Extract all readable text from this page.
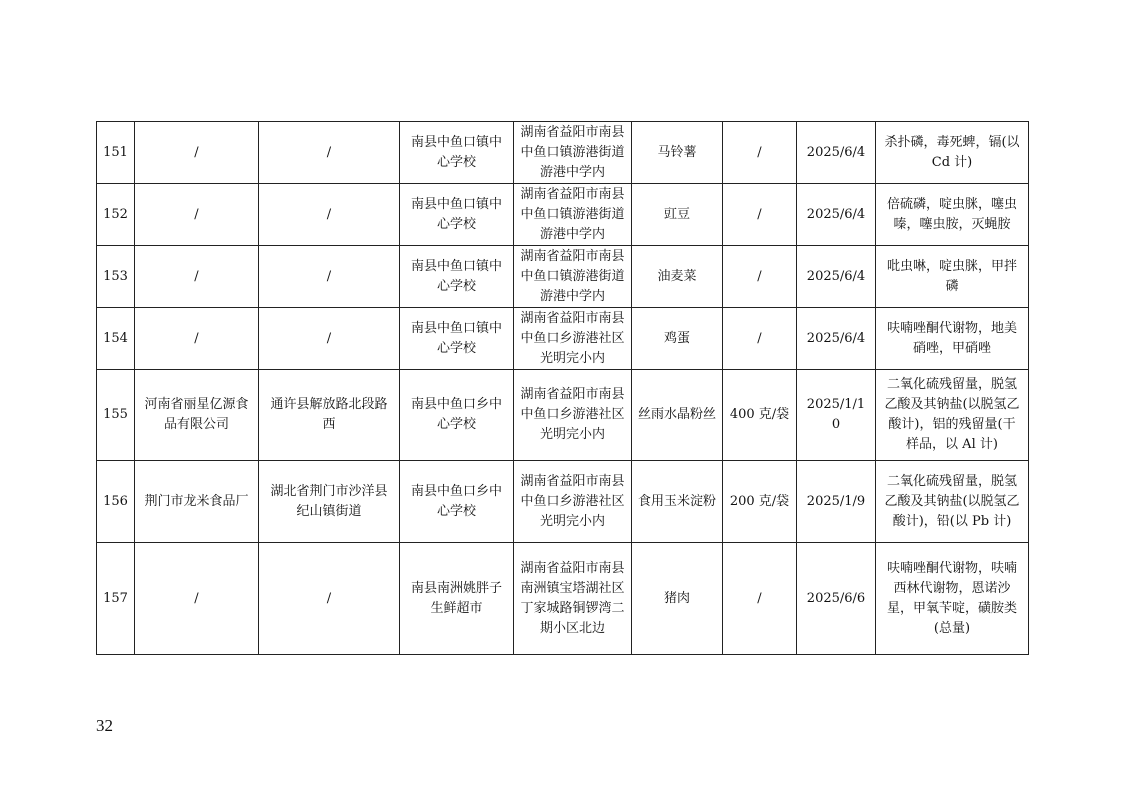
151	/	/	南县中鱼口镇中心学校	湖南省益阳市南县中鱼口镇游港街道游港中学内	马铃薯	/	2025/6/4	杀扑磷，毒死蜱，镉(以 Cd 计)
152	/	/	南县中鱼口镇中心学校	湖南省益阳市南县中鱼口镇游港街道游港中学内	豇豆	/	2025/6/4	倍硫磷，啶虫脒，噻虫嗪，噻虫胺，灭蝇胺
153	/	/	南县中鱼口镇中心学校	湖南省益阳市南县中鱼口镇游港街道游港中学内	油麦菜	/	2025/6/4	吡虫啉，啶虫脒，甲拌磷
154	/	/	南县中鱼口镇中心学校	湖南省益阳市南县中鱼口乡游港社区光明完小内	鸡蛋	/	2025/6/4	呋喃唑酮代谢物，地美硝唑，甲硝唑
155	河南省丽星亿源食品有限公司	通许县解放路北段路西	南县中鱼口乡中心学校	湖南省益阳市南县中鱼口乡游港社区光明完小内	丝雨水晶粉丝	400 克/袋	2025/1/10	二氧化硫残留量，脱氢乙酸及其钠盐(以脱氢乙酸计)，铝的残留量(干样品，以 Al 计)
156	荆门市龙米食品厂	湖北省荆门市沙洋县纪山镇街道	南县中鱼口乡中心学校	湖南省益阳市南县中鱼口乡游港社区光明完小内	食用玉米淀粉	200 克/袋	2025/1/9	二氧化硫残留量，脱氢乙酸及其钠盐(以脱氢乙酸计)，铅(以 Pb 计)
157	/	/	南县南洲姚胖子生鲜超市	湖南省益阳市南县南洲镇宝塔湖社区丁家城路铜锣湾二期小区北边	猪肉	/	2025/6/6	呋喃唑酮代谢物，呋喃西林代谢物，恩诺沙星，甲氧苄啶，磺胺类(总量)
32
